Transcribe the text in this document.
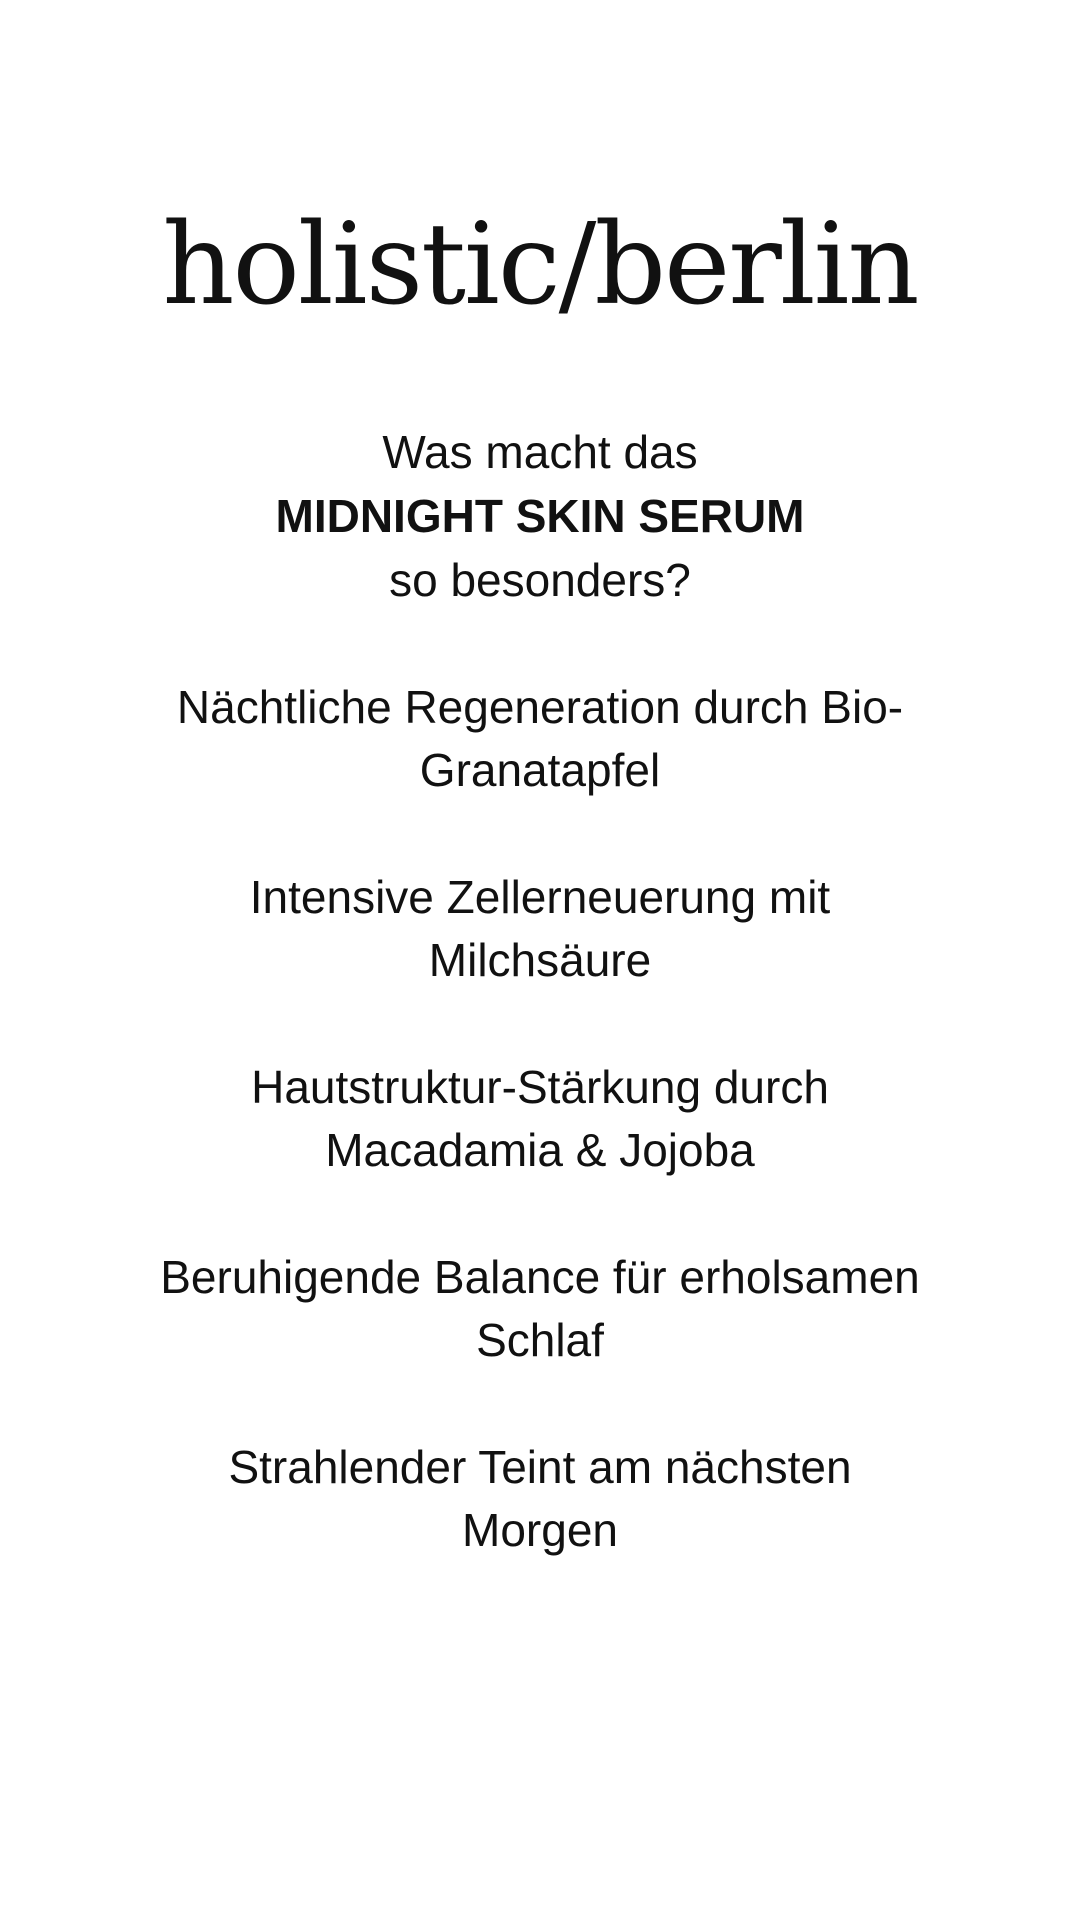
holistic/berlin
Was macht das
MIDNIGHT SKIN SERUM
so besonders?
Nächtliche Regeneration durch Bio-
Granatapfel
Intensive Zellerneuerung mit
Milchsäure
Hautstruktur-Stärkung durch
Macadamia & Jojoba
Beruhigende Balance für erholsamen
Schlaf
Strahlender Teint am nächsten
Morgen
